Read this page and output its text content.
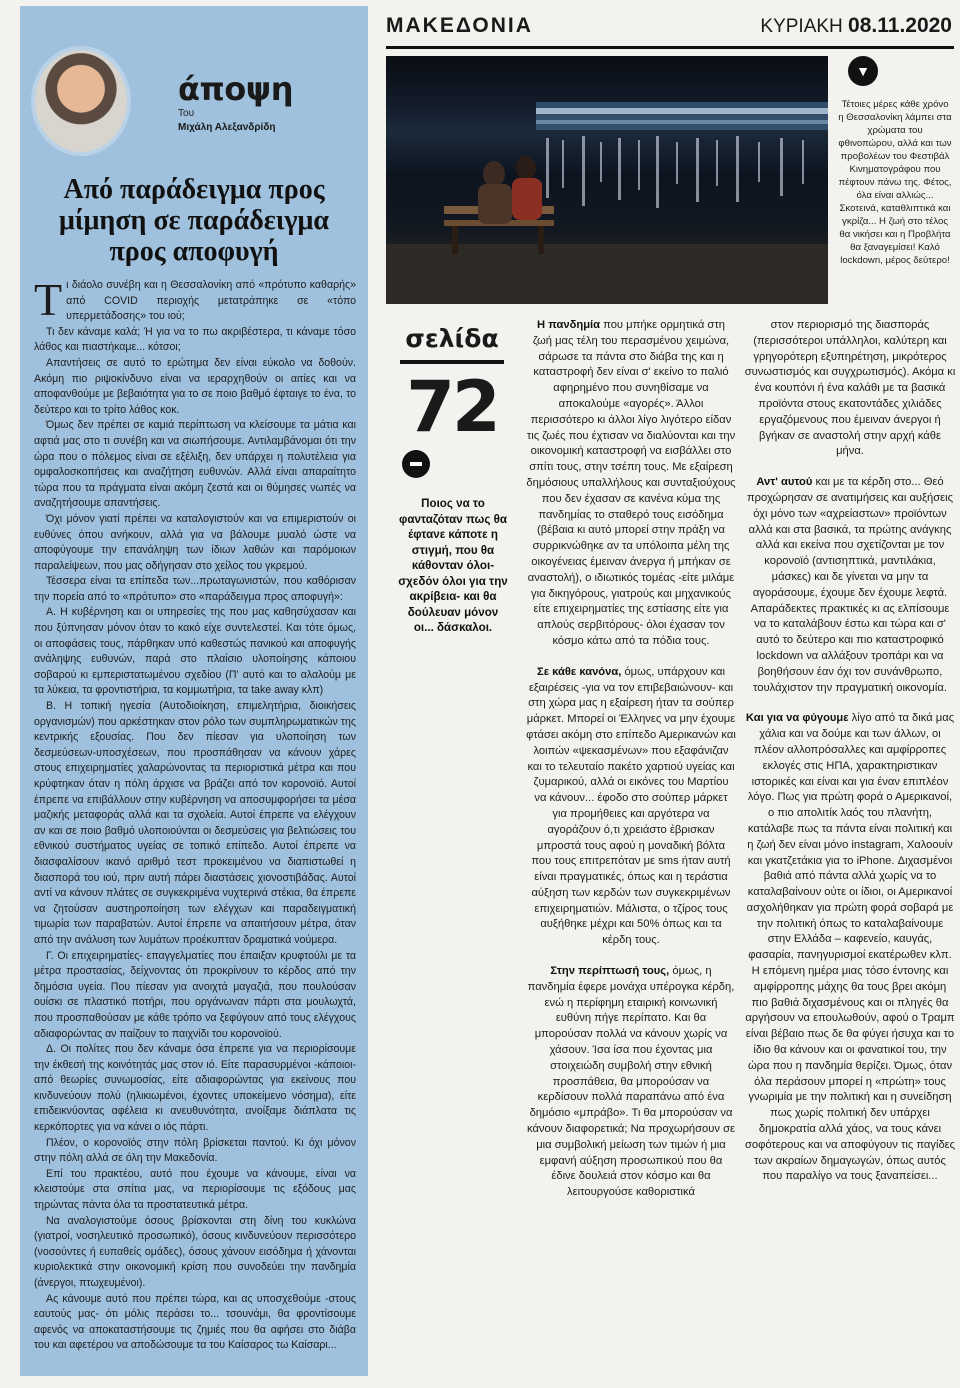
άποψη
Του
Μιχάλη Αλεξανδρίδη
Από παράδειγμα προς μίμηση σε παράδειγμα προς αποφυγή

Τι διάολο συνέβη και η Θεσσαλονίκη από «πρότυπο καθαρής» από COVID περιοχής μετατράπηκε σε «τόπο υπερμετάδοσης» του ιού;

Τι δεν κάναμε καλά; Ή για να το πω ακριβέστερα, τι κάναμε τόσο λάθος και πιαστήκαμε... κότσοι;

Απαντήσεις σε αυτό το ερώτημα δεν είναι εύκολο να δοθούν. Ακόμη πιο ριψοκίνδυνο είναι να ιεραρχηθούν οι αιτίες και να αποφανθούμε με βεβαιότητα για το σε ποιο βαθμό έφταιγε το ένα, το δεύτερο και το τρίτο λάθος κοκ.

Όμως δεν πρέπει σε καμιά περίπτωση να κλείσουμε τα μάτια και αφτιά μας στο τι συνέβη και να σιωπήσουμε. Αντιλαμβάνομαι ότι την ώρα που ο πόλεμος είναι σε εξέλιξη, δεν υπάρχει η πολυτέλεια για ομφαλοσκοπήσεις και αναζήτηση ευθυνών. Αλλά είναι απαραίτητο τώρα που τα πράγματα είναι ακόμη ζεστά και οι θύμησες νωπές να αναζητήσουμε απαντήσεις.

Όχι μόνον γιατί πρέπει να καταλογιστούν και να επιμεριστούν οι ευθύνες όπου ανήκουν, αλλά για να βάλουμε μυαλό ώστε να αποφύγουμε την επανάληψη των ίδιων λαθών και παρόμοιων παραλείψεων, που μας οδήγησαν στο χείλος του γκρεμού.

Τέσσερα είναι τα επίπεδα των...πρωταγωνιστών, που καθόρισαν την πορεία από το «πρότυπο» στο «παράδειγμα προς αποφυγή»:

Α. Η κυβέρνηση και οι υπηρεσίες της που μας καθησύχασαν και που ξύπνησαν μόνον όταν το κακό είχε συντελεστεί. Και τότε όμως, οι αποφάσεις τους, πάρθηκαν υπό καθεστώς πανικού και αποφυγής ανάληψης ευθυνών, παρά στο πλαίσιο υλοποίησης κάποιου σοβαρού κι εμπεριστατωμένου σχεδίου (Π' αυτό και το αλαλούμ με τα λύκεια, τα φροντιστήρια, τα κομμωτήρια, τα take away κλπ)

Β. Η τοπική ηγεσία (Αυτοδιοίκηση, επιμελητήρια, διοικήσεις οργανισμών) που αρκέστηκαν στον ρόλο των συμπληρωματικών της κεντρικής εξουσίας. Που δεν πίεσαν για υλοποίηση των δεσμεύσεων-υποσχέσεων, που προσπάθησαν να κάνουν χάρες στους επιχειρηματίες χαλαρώνοντας τα περιοριστικά μέτρα και που κρύφτηκαν όταν η πόλη άρχισε να βράζει από τον κορονοϊό. Αυτοί έπρεπε να επιβάλλουν στην κυβέρνηση να αποσυμφορήσει τα μέσα μαζικής μεταφοράς αλλά και τα σχολεία. Αυτοί έπρεπε να ελέγχουν αν και σε ποιο βαθμό υλοποιούνται οι δεσμεύσεις για βελτιώσεις του εθνικού συστήματος υγείας σε τοπικό επίπεδο. Αυτοί έπρεπε να διασφαλίσουν ικανό αριθμό τεστ προκειμένου να διαπιστωθεί η διασπορά του ιού, πριν αυτή πάρει διαστάσεις χιονοστιβάδας. Αυτοί αντί να κάνουν πλάτες σε συγκεκριμένα νυχτερινά στέκια, θα έπρεπε να ζητούσαν αυστηροποίηση των ελέγχων και παραδειγματική τιμωρία των παραβατών. Αυτοί έπρεπε να απαιτήσουν μέτρα, όταν από την ανάλυση των λυμάτων προέκυπταν δραματικά νούμερα.

Γ. Οι επιχειρηματίες- επαγγελματίες που έπαιξαν κρυφτούλι με τα μέτρα προστασίας, δείχνοντας ότι προκρίνουν το κέρδος από την δημόσια υγεία. Που πίεσαν για ανοιχτά μαγαζιά, που πουλούσαν ουίσκι σε πλαστικό ποτήρι, που οργάνωναν πάρτι στα μουλωχτά, που προσπαθούσαν με κάθε τρόπο να ξεφύγουν από τους ελέγχους αδιαφορώντας αν παίζουν το παιχνίδι του κορονοϊού.

Δ. Οι πολίτες που δεν κάναμε όσα έπρεπε για να περιορίσουμε την έκθεσή της κοινότητάς μας στον ιό. Είτε παρασυρμένοι -κάποιοι- από θεωρίες συνωμοσίας, είτε αδιαφορώντας για εκείνους που κινδυνεύουν πολύ (ηλικιωμένοι, έχοντες υποκείμενο νόσημα), είτε επιδεικνύοντας αφέλεια κι ανευθυνότητα, ανοίξαμε διάπλατα τις κερκόπορτες για να κάνει ο ιός πάρτι.

Πλέον, ο κορονοϊός στην πόλη βρίσκεται παντού. Κι όχι μόνον στην πόλη αλλά σε όλη την Μακεδονία.

Επί του πρακτέου, αυτό που έχουμε να κάνουμε, είναι να κλειστούμε στα σπίτια μας, να περιορίσουμε τις εξόδους μας τηρώντας πάντα όλα τα προστατευτικά μέτρα.

Να αναλογιστούμε όσους βρίσκονται στη δίνη του κυκλώνα (γιατροί, νοσηλευτικό προσωπικό), όσους κινδυνεύουν περισσότερο (νοσούντες ή ευπαθείς ομάδες), όσους χάνουν εισόδημα ή χάνονται κυριολεκτικά στην οικονομική κρίση που συνοδεύει την πανδημία (άνεργοι, πτωχευμένοι).

Ας κάνουμε αυτό που πρέπει τώρα, και ας υποσχεθούμε -στους εαυτούς μας- ότι μόλις περάσει το... τσουνάμι, θα φροντίσουμε αφενός να αποκαταστήσουμε τις ζημιές που θα αφήσει στο διάβα του και αφετέρου να αποδώσουμε τα του Καίσαρος τω Καίσαρι...

ΜΑΚΕΔΟΝΙΑ	ΚΥΡΙΑΚΗ 08.11.2020
▼
Τέτοιες μέρες κάθε χρόνο η Θεσσαλονίκη λάμπει στα χρώματα του φθινοπώρου, αλλά και των προβολέων του Φεστιβάλ Κινηματογράφου που πέφτουν πάνω της. Φέτος, όλα είναι αλλιώς... Σκοτεινά, καταθλιπτικά και γκρίζα... Η ζωή στο τέλος θα νικήσει και η Προβλήτα θα ξαναγεμίσει! Καλό lockdown, μέρος δεύτερο!
σελίδα
72
Ποιος να το φανταζόταν πως θα έφτανε κάποτε η στιγμή, που θα κάθονταν όλοι- σχεδόν όλοι για την ακρίβεια- και θα δούλευαν μόνον οι... δάσκαλοι.

Η πανδημία που μπήκε ορμητικά στη ζωή μας τέλη του περασμένου χειμώνα, σάρωσε τα πάντα στο διάβα της και η καταστροφή δεν είναι σ' εκείνο το παλιό αφηρημένο που συνηθίσαμε να αποκαλούμε «αγορές». Άλλοι περισσότερο κι άλλοι λίγο λιγότερο είδαν τις ζωές που έχτισαν να διαλύονται και την οικονομική καταστροφή να εισβάλλει στο σπίτι τους, στην τσέπη τους. Με εξαίρεση δημόσιους υπαλλήλους και συνταξιούχους που δεν έχασαν σε κανένα κύμα της πανδημίας το σταθερό τους εισόδημα (βέβαια κι αυτό μπορεί στην πράξη να συρρικνώθηκε αν τα υπόλοιπα μέλη της οικογένειας έμειναν άνεργα ή μπήκαν σε αναστολή), ο ιδιωτικός τομέας -είτε μιλάμε για δικηγόρους, γιατρούς και μηχανικούς είτε επιχειρηματίες της εστίασης είτε για απλούς σερβιτόρους- όλοι έχασαν τον κόσμο κάτω από τα πόδια τους.

Σε κάθε κανόνα, όμως, υπάρχουν και εξαιρέσεις -για να τον επιβεβαιώνουν- και στη χώρα μας η εξαίρεση ήταν τα σούπερ μάρκετ. Μπορεί οι Έλληνες να μην έχουμε φτάσει ακόμη στο επίπεδο Αμερικανών και λοιπών «ψεκασμένων» που εξαφάνιζαν και το τελευταίο πακέτο χαρτιού υγείας και ζυμαρικού, αλλά οι εικόνες του Μαρτίου να κάνουν... έφοδο στο σούπερ μάρκετ για προμήθειες και αργότερα να αγοράζουν ό,τι χρειάστο έβρισκαν μπροστά τους αφού η μοναδική βόλτα που τους επιτρεπόταν με sms ήταν αυτή είναι πραγματικές, όπως και η τεράστια αύξηση των κερδών των συγκεκριμένων επιχειρηματιών. Μάλιστα, ο τζίρος τους αυξήθηκε μέχρι και 50% όπως και τα κέρδη τους.

Στην περίπτωσή τους, όμως, η πανδημία έφερε μονάχα υπέρογκα κέρδη, ενώ η περίφημη εταιρική κοινωνική ευθύνη πήγε περίπατο. Και θα μπορούσαν πολλά να κάνουν χωρίς να χάσουν. Ίσα ίσα που έχοντας μια στοιχειώδη συμβολή στην εθνική προσπάθεια, θα μπορούσαν να κερδίσουν πολλά παραπάνω από ένα δημόσιο «μπράβο». Τι θα μπορούσαν να κάνουν διαφορετικά; Να προχωρήσουν σε μια συμβολική μείωση των τιμών ή μια εμφανή αύξηση προσωπικού που θα έδινε δουλειά στον κόσμο και θα λειτουργούσε καθοριστικά

στον περιορισμό της διασποράς (περισσότεροι υπάλληλοι, καλύτερη και γρηγορότερη εξυπηρέτηση, μικρότερος συνωστισμός και συγχρωτισμός). Ακόμα κι ένα κουπόνι ή ένα καλάθι με τα βασικά προϊόντα στους εκατοντάδες χιλιάδες εργαζόμενους που έμειναν άνεργοι ή βγήκαν σε αναστολή στην αρχή κάθε μήνα.

Αντ' αυτού και με τα κέρδη στο... Θεό προχώρησαν σε ανατιμήσεις και αυξήσεις όχι μόνο των «αχρείαστων» προϊόντων αλλά και στα βασικά, τα πρώτης ανάγκης αλλά και εκείνα που σχετίζονται με τον κορονοϊό (αντισηπτικά, μαντιλάκια, μάσκες) και δε γίνεται να μην τα αγοράσουμε, έχουμε δεν έχουμε λεφτά. Απαράδεκτες πρακτικές κι ας ελπίσουμε να το καταλάβουν έστω και τώρα και σ' αυτό το δεύτερο και πιο καταστροφικό lockdown να αλλάξουν τροπάρι και να βοηθήσουν έαν όχι τον συνάνθρωπο, τουλάχιστον την πραγματική οικονομία.

Και για να φύγουμε λίγο από τα δικά μας χάλια και να δούμε και των άλλων, οι πλέον αλλοπρόσαλλες και αμφίρροπες εκλογές στις ΗΠΑ, χαρακτηριστικαν ιστορικές και είναι και για έναν επιπλέον λόγο. Πως για πρώτη φορά ο Αμερικανοί, ο πιο απολιτίκ λαός του πλανήτη, κατάλαβε πως τα πάντα είναι πολιτική και η ζωή δεν είναι μόνο instagram, Χαλοουίν και γκατζετάκια για το iPhone. Διχασμένοι βαθιά από πάντα αλλά χωρίς να το καταλαβαίνουν ούτε οι ίδιοι, οι Αμερικανοί ασχολήθηκαν για πρώτη φορά σοβαρά με την πολιτική όπως το καταλαβαίνουμε στην Ελλάδα – καφενείο, καυγάς, φασαρία, πανηγυρισμοί εκατέρωθεν κλπ. Η επόμενη ημέρα μιας τόσο έντονης και αμφίρροπης μάχης θα τους βρει ακόμη πιο βαθιά διχασμένους και οι πληγές θα αργήσουν να επουλωθούν, αφού ο Τραμπ είναι βέβαιο πως δε θα φύγει ήσυχα και το ίδιο θα κάνουν και οι φανατικοί του, την ώρα που η πανδημία θερίζει. Όμως, όταν όλα περάσουν μπορεί η «πρώτη» τους γνωριμία με την πολιτική και η συνείδηση πως χωρίς πολιτική δεν υπάρχει δημοκρατία αλλά χάος, να τους κάνει σοφότερους και να αποφύγουν τις παγίδες των ακραίων δημαγωγών, όπως αυτός που παραλίγο να τους ξαναπείσει...
